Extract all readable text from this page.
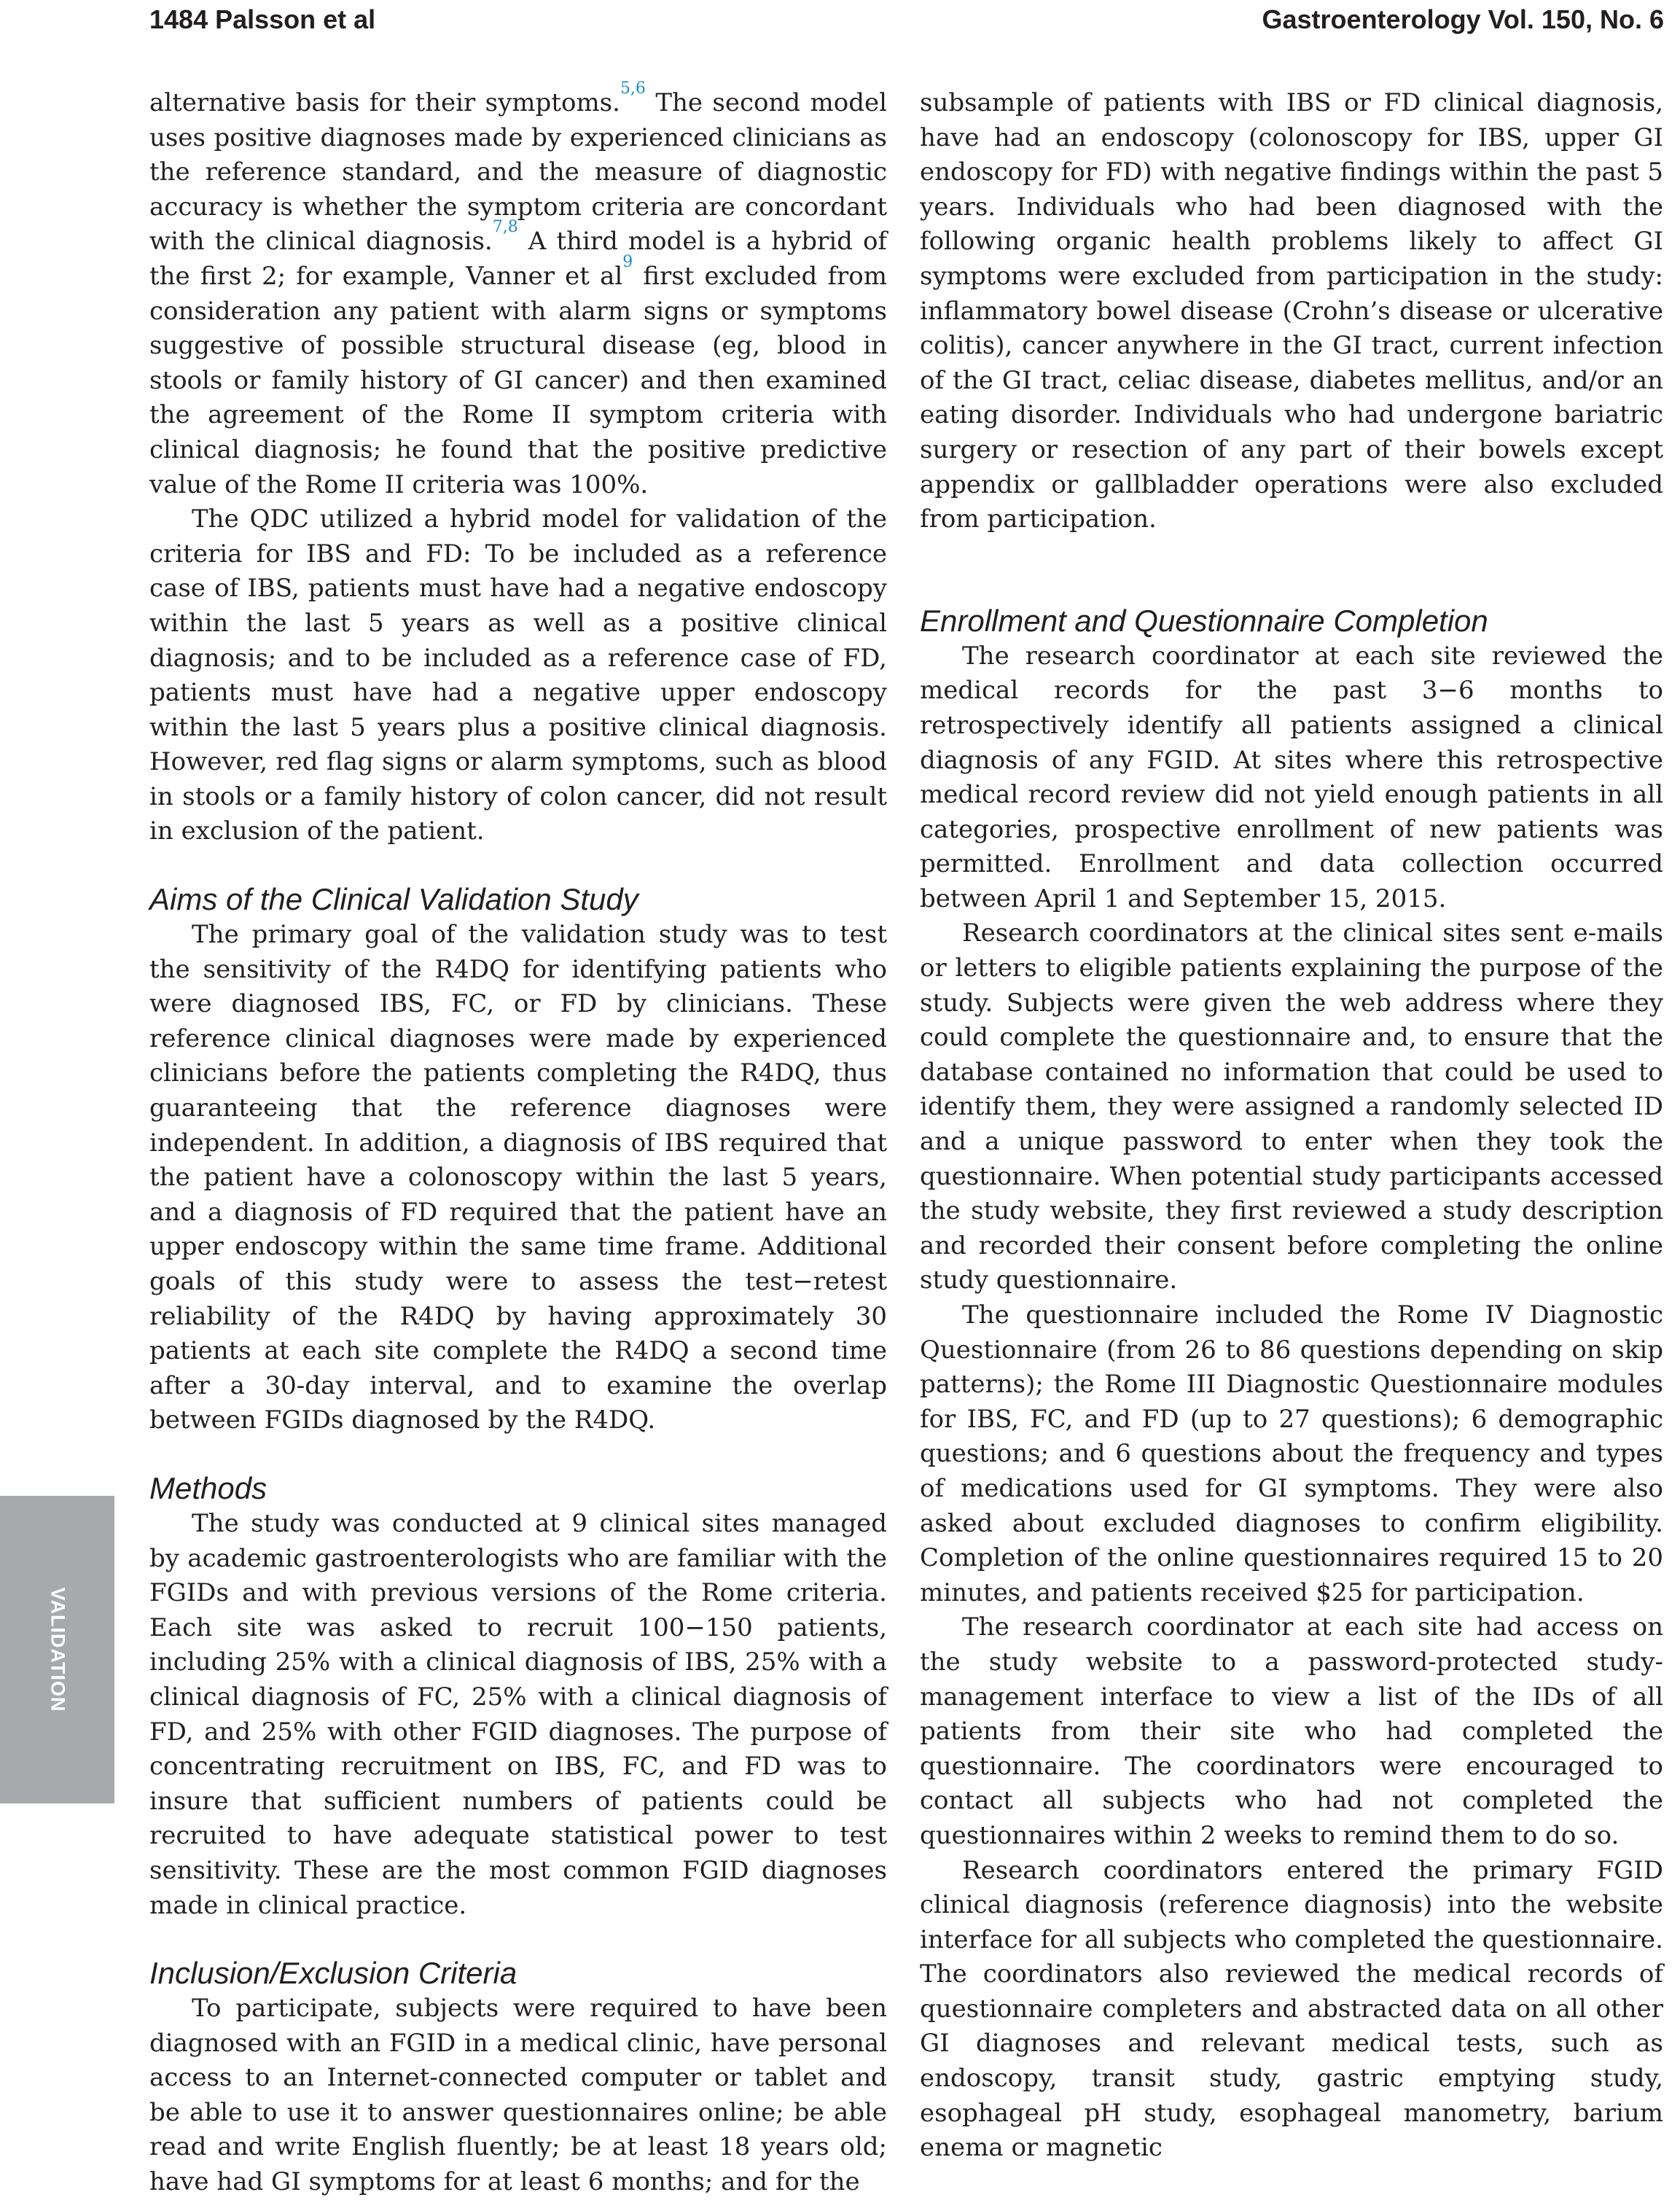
1484 Palsson et al	Gastroenterology Vol. 150, No. 6
VALIDATION

alternative basis for their symptoms.$^{5,6}$ The second model uses positive diagnoses made by experienced clinicians as the reference standard, and the measure of diagnostic accuracy is whether the symptom criteria are concordant with the clinical diagnosis.$^{7,8}$ A third model is a hybrid of the first 2; for example, Vanner et $al^9$ first excluded from consideration any patient with alarm signs or symptoms suggestive of possible structural disease (eg, blood in stools or family history of GI cancer) and then examined the agreement of the Rome II symptom criteria with clinical diagnosis; he found that the positive predictive value of the Rome II criteria was 100%.

The QDC utilized a hybrid model for validation of the criteria for IBS and FD: To be included as a reference case of IBS, patients must have had a negative endoscopy within the last 5 years as well as a positive clinical diagnosis; and to be included as a reference case of FD, patients must have had a negative upper endoscopy within the last 5 years plus a positive clinical diagnosis. However, red flag signs or alarm symptoms, such as blood in stools or a family history of colon cancer, did not result in exclusion of the patient.

Aims of the Clinical Validation Study

The primary goal of the validation study was to test the sensitivity of the R4DQ for identifying patients who were diagnosed IBS, FC, or FD by clinicians. These reference clinical diagnoses were made by experienced clinicians before the patients completing the R4DQ, thus guaranteeing that the reference diagnoses were independent. In addition, a diagnosis of IBS required that the patient have a colonoscopy within the last 5 years, and a diagnosis of FD required that the patient have an upper endoscopy within the same time frame. Additional goals of this study were to assess the test−retest reliability of the R4DQ by having approximately 30 patients at each site complete the R4DQ a second time after a 30-day interval, and to examine the overlap between FGIDs diagnosed by the R4DQ.

Methods

The study was conducted at 9 clinical sites managed by academic gastroenterologists who are familiar with the FGIDs and with previous versions of the Rome criteria. Each site was asked to recruit 100−150 patients, including 25% with a clinical diagnosis of IBS, 25% with a clinical diagnosis of FC, 25% with a clinical diagnosis of FD, and 25% with other FGID diagnoses. The purpose of concentrating recruitment on IBS, FC, and FD was to insure that sufficient numbers of patients could be recruited to have adequate statistical power to test sensitivity. These are the most common FGID diagnoses made in clinical practice.

Inclusion/Exclusion Criteria

To participate, subjects were required to have been diagnosed with an FGID in a medical clinic, have personal access to an Internet-connected computer or tablet and be able to use it to answer questionnaires online; be able read and write English fluently; be at least 18 years old; have had GI symptoms for at least 6 months; and for the

subsample of patients with IBS or FD clinical diagnosis, have had an endoscopy (colonoscopy for IBS, upper GI endoscopy for FD) with negative findings within the past 5 years. Individuals who had been diagnosed with the following organic health problems likely to affect GI symptoms were excluded from participation in the study: inflammatory bowel disease (Crohn’s disease or ulcerative colitis), cancer anywhere in the GI tract, current infection of the GI tract, celiac disease, diabetes mellitus, and/or an eating disorder. Individuals who had undergone bariatric surgery or resection of any part of their bowels except appendix or gallbladder operations were also excluded from participation.

Enrollment and Questionnaire Completion

The research coordinator at each site reviewed the medical records for the past 3−6 months to retrospectively identify all patients assigned a clinical diagnosis of any FGID. At sites where this retrospective medical record review did not yield enough patients in all categories, prospective enrollment of new patients was permitted. Enrollment and data collection occurred between April 1 and September 15, 2015.

Research coordinators at the clinical sites sent e-mails or letters to eligible patients explaining the purpose of the study. Subjects were given the web address where they could complete the questionnaire and, to ensure that the database contained no information that could be used to identify them, they were assigned a randomly selected ID and a unique password to enter when they took the questionnaire. When potential study participants accessed the study website, they first reviewed a study description and recorded their consent before completing the online study questionnaire.

The questionnaire included the Rome IV Diagnostic Questionnaire (from 26 to 86 questions depending on skip patterns); the Rome III Diagnostic Questionnaire modules for IBS, FC, and FD (up to 27 questions); 6 demographic questions; and 6 questions about the frequency and types of medications used for GI symptoms. They were also asked about excluded diagnoses to confirm eligibility. Completion of the online questionnaires required 15 to 20 minutes, and patients received $25 for participation.

The research coordinator at each site had access on the study website to a password-protected study-management interface to view a list of the IDs of all patients from their site who had completed the questionnaire. The coordinators were encouraged to contact all subjects who had not completed the questionnaires within 2 weeks to remind them to do so.

Research coordinators entered the primary FGID clinical diagnosis (reference diagnosis) into the website interface for all subjects who completed the questionnaire. The coordinators also reviewed the medical records of questionnaire completers and abstracted data on all other GI diagnoses and relevant medical tests, such as endoscopy, transit study, gastric emptying study, esophageal pH study, esophageal manometry, barium enema or magnetic
